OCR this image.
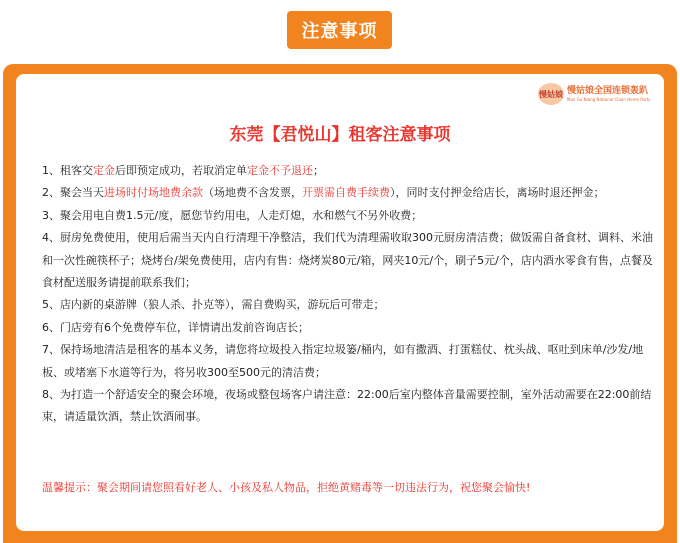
注意事项
慢姑娘 慢姑娘全国连锁轰趴
Man Gu Niang National Chain Home Party
东莞【君悦山】租客注意事项

1、租客交定金后即预定成功，若取消定单定金不予退还；

2、聚会当天进场时付场地费余款（场地费不含发票，开票需自费手续费），同时支付押金给店长，离场时退还押金；

3、聚会用电自费1.5元/度，愿您节约用电，人走灯熄，水和燃气不另外收费；

4、厨房免费使用，使用后需当天内自行清理干净整洁，我们代为清理需收取300元厨房清洁费；做饭需自备食材、调料、米油和一次性碗筷杯子；烧烤台/架免费使用，店内有售：烧烤炭80元/箱，网夹10元/个，刷子5元/个，店内酒水零食有售，点餐及食材配送服务请提前联系我们；

5、店内新的桌游牌（狼人杀、扑克等），需自费购买，游玩后可带走；

6、门店旁有6个免费停车位，详情请出发前咨询店长；

7、保持场地清洁是租客的基本义务，请您将垃圾投入指定垃圾篓/桶内，如有撒酒、打蛋糕仗、枕头战、呕吐到床单/沙发/地板、或堵塞下水道等行为，将另收300至500元的清洁费；

8、为打造一个舒适安全的聚会环境，夜场或整包场客户请注意：22:00后室内整体音量需要控制，室外活动需要在22:00前结束，请适量饮酒，禁止饮酒闹事。

温馨提示：聚会期间请您照看好老人、小孩及私人物品，拒绝黄赌毒等一切违法行为，祝您聚会愉快!
